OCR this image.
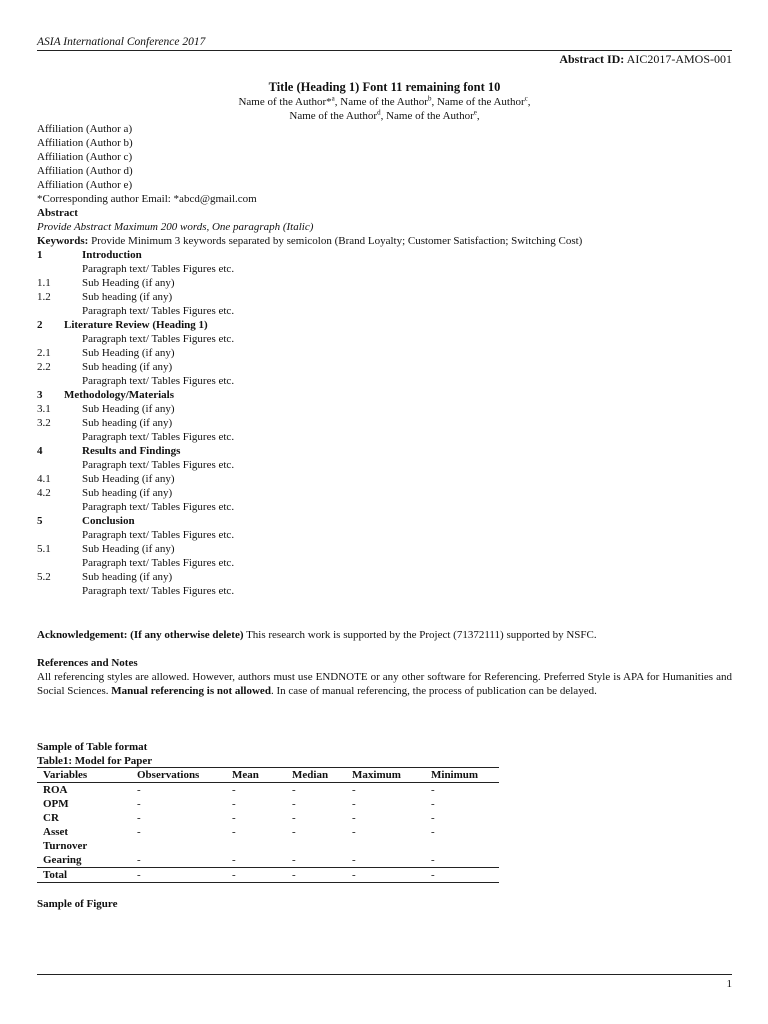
ASIA International Conference 2017
Abstract ID: AIC2017-AMOS-001
Title (Heading 1) Font 11 remaining font 10
Name of the Author*$^a$, Name of the Author$^b$, Name of the Author$^c$,
Name of the Author$^d$, Name of the Author$^e$,
Affiliation (Author a)
Affiliation (Author b)
Affiliation (Author c)
Affiliation (Author d)
Affiliation (Author e)
*Corresponding author Email: *abcd@gmail.com
Abstract
Provide Abstract Maximum 200 words, One paragraph (Italic)
Keywords: Provide Minimum 3 keywords separated by semicolon (Brand Loyalty; Customer Satisfaction; Switching Cost)
1	Introduction
Paragraph text/ Tables Figures etc.
1.1	Sub Heading (if any)
1.2	Sub heading (if any)
Paragraph text/ Tables Figures etc.
2 Literature Review (Heading 1)
Paragraph text/ Tables Figures etc.
2.1	Sub Heading (if any)
2.2	Sub heading (if any)
Paragraph text/ Tables Figures etc.
3 Methodology/Materials
3.1	Sub Heading (if any)
3.2	Sub heading (if any)
Paragraph text/ Tables Figures etc.
4	Results and Findings
Paragraph text/ Tables Figures etc.
4.1	Sub Heading (if any)
4.2	Sub heading (if any)
Paragraph text/ Tables Figures etc.
5	Conclusion
Paragraph text/ Tables Figures etc.
5.1	Sub Heading (if any)
Paragraph text/ Tables Figures etc.
5.2	Sub heading (if any)
Paragraph text/ Tables Figures etc.
Acknowledgement: (If any otherwise delete) This research work is supported by the Project (71372111) supported by NSFC.
References and Notes
All referencing styles are allowed. However, authors must use ENDNOTE or any other software for Referencing. Preferred Style is APA for Humanities and Social Sciences. Manual referencing is not allowed. In case of manual referencing, the process of publication can be delayed.
Sample of Table format
Table1: Model for Paper
Variables	Observations	Mean	Median	Maximum	Minimum
ROA	-	-	-	-	-
OPM	-	-	-	-	-
CR	-	-	-	-	-
Asset	-	-	-	-	-
Turnover					
Gearing	-	-	-	-	-
Total	-	-	-	-	-
Sample of Figure
1
